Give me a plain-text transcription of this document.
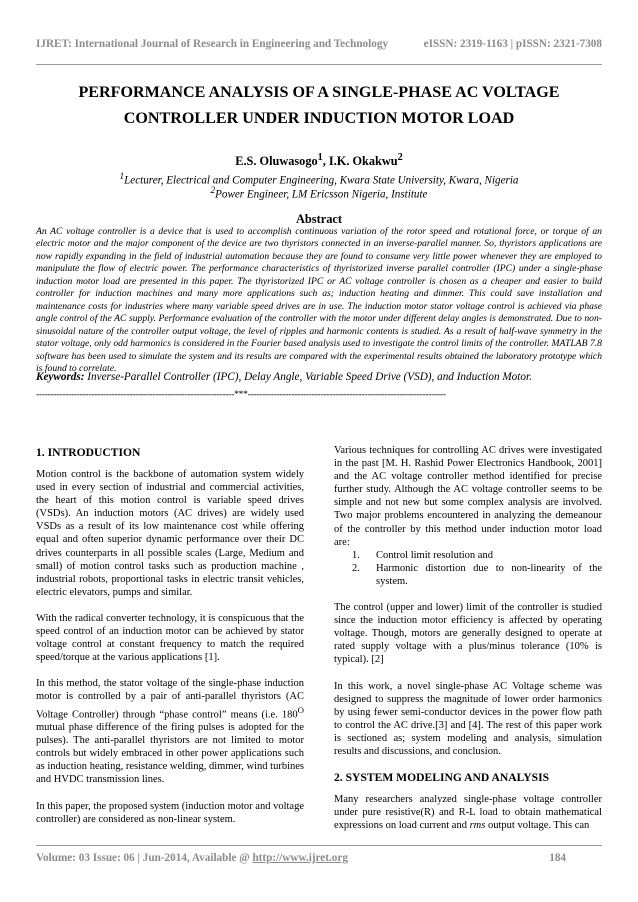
IJRET: International Journal of Research in Engineering and Technology	eISSN: 2319-1163 | pISSN: 2321-7308
PERFORMANCE ANALYSIS OF A SINGLE-PHASE AC VOLTAGE
CONTROLLER UNDER INDUCTION MOTOR LOAD
E.S. Oluwasogo$^1$, I.K. Okakwu$^2$
$^1$Lecturer, Electrical and Computer Engineering, Kwara State University, Kwara, Nigeria
$^2$Power Engineer, LM Ericsson Nigeria, Institute
Abstract
An AC voltage controller is a device that is used to accomplish continuous variation of the rotor speed and rotational force, or torque of an electric motor and the major component of the device are two thyristors connected in an inverse-parallel manner. So, thyristors applications are now rapidly expanding in the field of industrial automation because they are found to consume very little power whenever they are employed to manipulate the flow of electric power. The performance characteristics of thyristorized inverse parallel controller (IPC) under a single-phase induction motor load are presented in this paper. The thyristorized IPC or AC voltage controller is chosen as a cheaper and easier to build controller for induction machines and many more applications such as; induction heating and dimmer. This could save installation and maintenance costs for industries where many variable speed drives are in use. The induction motor stator voltage control is achieved via phase angle control of the AC supply. Performance evaluation of the controller with the motor under different delay angles is demonstrated. Due to non-sinusoidal nature of the controller output voltage, the level of ripples and harmonic contents is studied. As a result of half-wave symmetry in the stator voltage, only odd harmonics is considered in the Fourier based analysis used to investigate the control limits of the controller. MATLAB 7.8 software has been used to simulate the system and its results are compared with the experimental results obtained the laboratory prototype which is found to correlate.
Keywords: Inverse-Parallel Controller (IPC), Delay Angle, Variable Speed Drive (VSD), and Induction Motor.
--------------------------------------------------------------------***--------------------------------------------------------------------
1. INTRODUCTION

Motion control is the backbone of automation system widely used in every section of industrial and commercial activities, the heart of this motion control is variable speed drives (VSDs). An induction motors (AC drives) are widely used VSDs as a result of its low maintenance cost while offering equal and often superior dynamic performance over their DC drives counterparts in all possible scales (Large, Medium and small) of motion control tasks such as production machine , industrial robots, proportional tasks in electric transit vehicles, electric elevators, pumps and similar.

With the radical converter technology, it is conspicuous that the speed control of an induction motor can be achieved by stator voltage control at constant frequency to match the required speed/torque at the various applications [1].

In this method, the stator voltage of the single-phase induction motor is controlled by a pair of anti-parallel thyristors (AC Voltage Controller) through “phase control” means (i.e. $180^O$ mutual phase difference of the firing pulses is adopted for the pulses). The anti-parallel thyristors are not limited to motor controls but widely embraced in other power applications such as induction heating, resistance welding, dimmer, wind turbines and HVDC transmission lines.

In this paper, the proposed system (induction motor and voltage controller) are considered as non-linear system.

Various techniques for controlling AC drives were investigated in the past [M. H. Rashid Power Electronics Handbook, 2001] and the AC voltage controller method identified for precise further study. Although the AC voltage controller seems to be simple and not new but some complex analysis are involved. Two major problems encountered in analyzing the demeanour of the controller by this method under induction motor load are:

1.	Control limit resolution and
2.	Harmonic distortion due to non-linearity of the system.

The control (upper and lower) limit of the controller is studied since the induction motor efficiency is affected by operating voltage. Though, motors are generally designed to operate at rated supply voltage with a plus/minus tolerance (10% is typical). [2]

In this work, a novel single-phase AC Voltage scheme was designed to suppress the magnitude of lower order harmonics by using fewer semi-conductor devices in the power flow path to control the AC drive.[3] and [4]. The rest of this paper work is sectioned as; system modeling and analysis, simulation results and discussions, and conclusion.

2. SYSTEM MODELING AND ANALYSIS

Many researchers analyzed single-phase voltage controller under pure resistive(R) and R-L load to obtain mathematical expressions on load current and rms output voltage. This can

Volume: 03 Issue: 06 | Jun-2014, Available @ http://www.ijret.org	184
